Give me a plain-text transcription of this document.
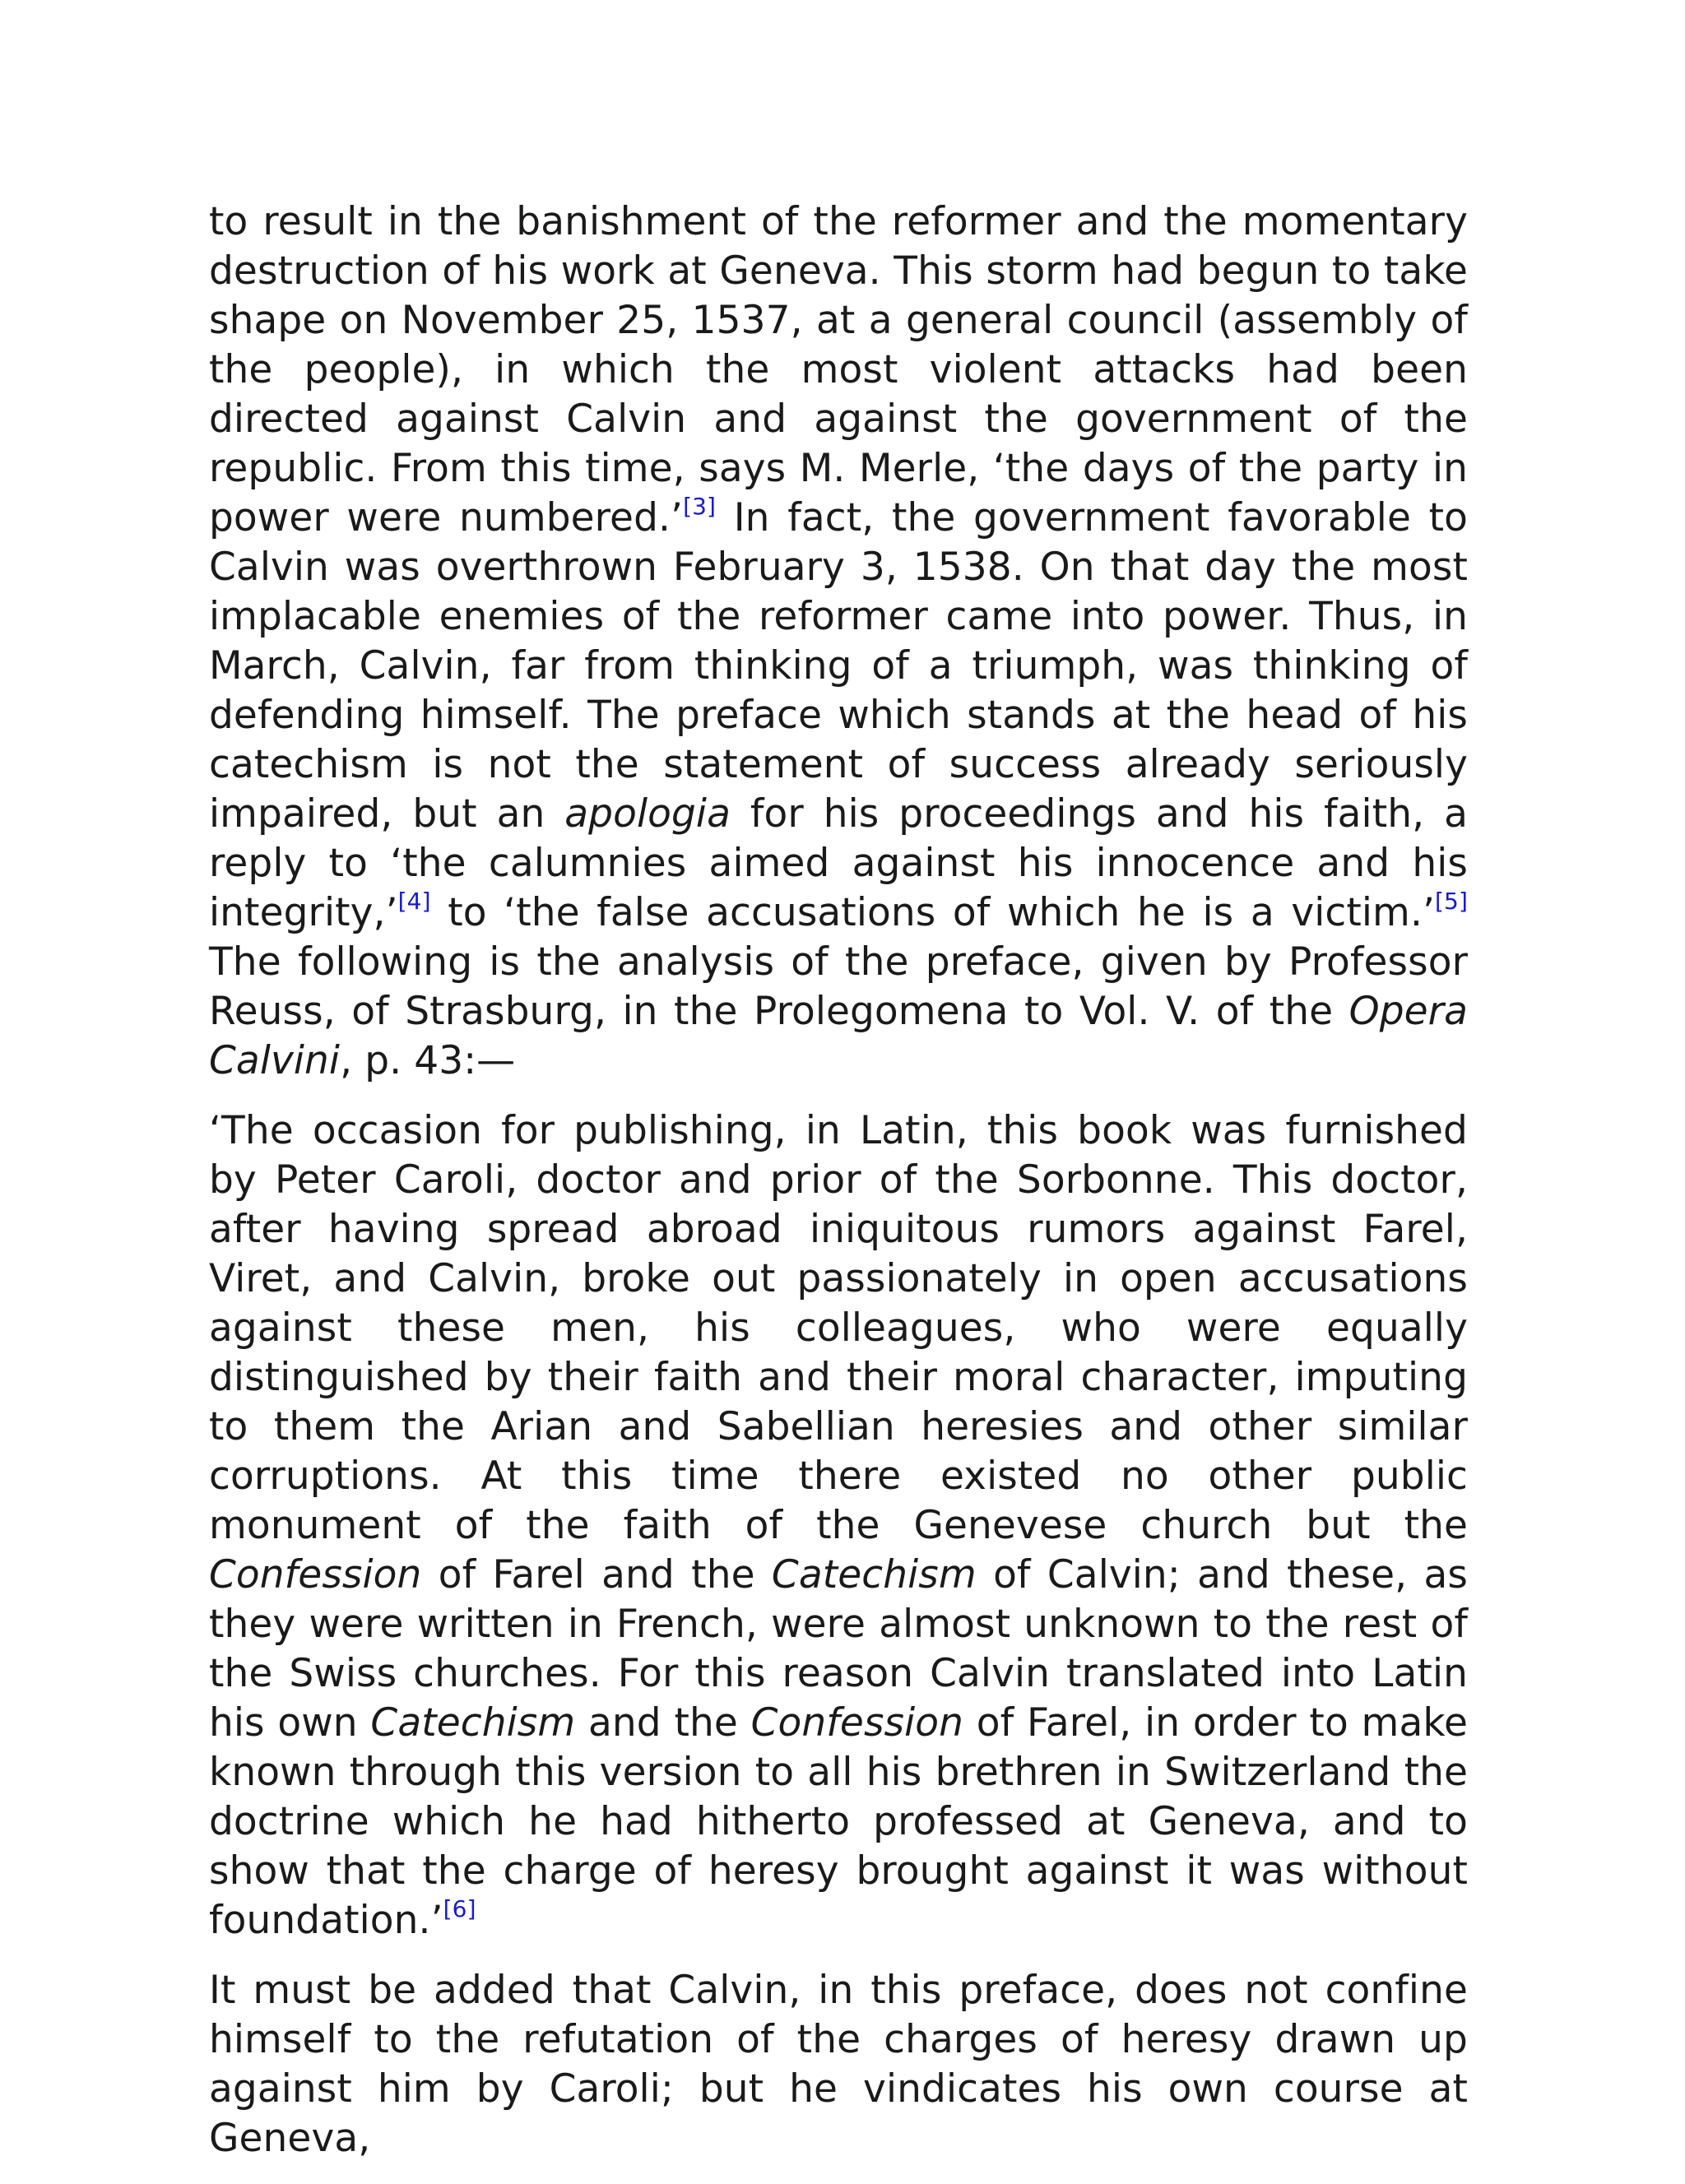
to result in the banishment of the reformer and the momentary destruction of his work at Geneva. This storm had begun to take shape on November 25, 1537, at a general council (assembly of the people), in which the most violent attacks had been directed against Calvin and against the government of the republic. From this time, says M. Merle, ‘the days of the party in power were numbered.’[3] In fact, the government favorable to Calvin was overthrown February 3, 1538. On that day the most implacable enemies of the reformer came into power. Thus, in March, Calvin, far from thinking of a triumph, was thinking of defending himself. The preface which stands at the head of his catechism is not the statement of success already seriously impaired, but an apologia for his proceedings and his faith, a reply to ‘the calumnies aimed against his innocence and his integrity,’[4] to ‘the false accusations of which he is a victim.’[5] The following is the analysis of the preface, given by Professor Reuss, of Strasburg, in the Prolegomena to Vol. V. of the Opera Calvini, p. 43:—

‘The occasion for publishing, in Latin, this book was furnished by Peter Caroli, doctor and prior of the Sorbonne. This doctor, after having spread abroad iniquitous rumors against Farel, Viret, and Calvin, broke out passionately in open accusations against these men, his colleagues, who were equally distinguished by their faith and their moral character, imputing to them the Arian and Sabellian heresies and other similar corruptions. At this time there existed no other public monument of the faith of the Genevese church but the Confession of Farel and the Catechism of Calvin; and these, as they were written in French, were almost unknown to the rest of the Swiss churches. For this reason Calvin translated into Latin his own Catechism and the Confession of Farel, in order to make known through this version to all his brethren in Switzerland the doctrine which he had hitherto professed at Geneva, and to show that the charge of heresy brought against it was without foundation.’[6]

It must be added that Calvin, in this preface, does not confine himself to the refutation of the charges of heresy drawn up against him by Caroli; but he vindicates his own course at Geneva,
